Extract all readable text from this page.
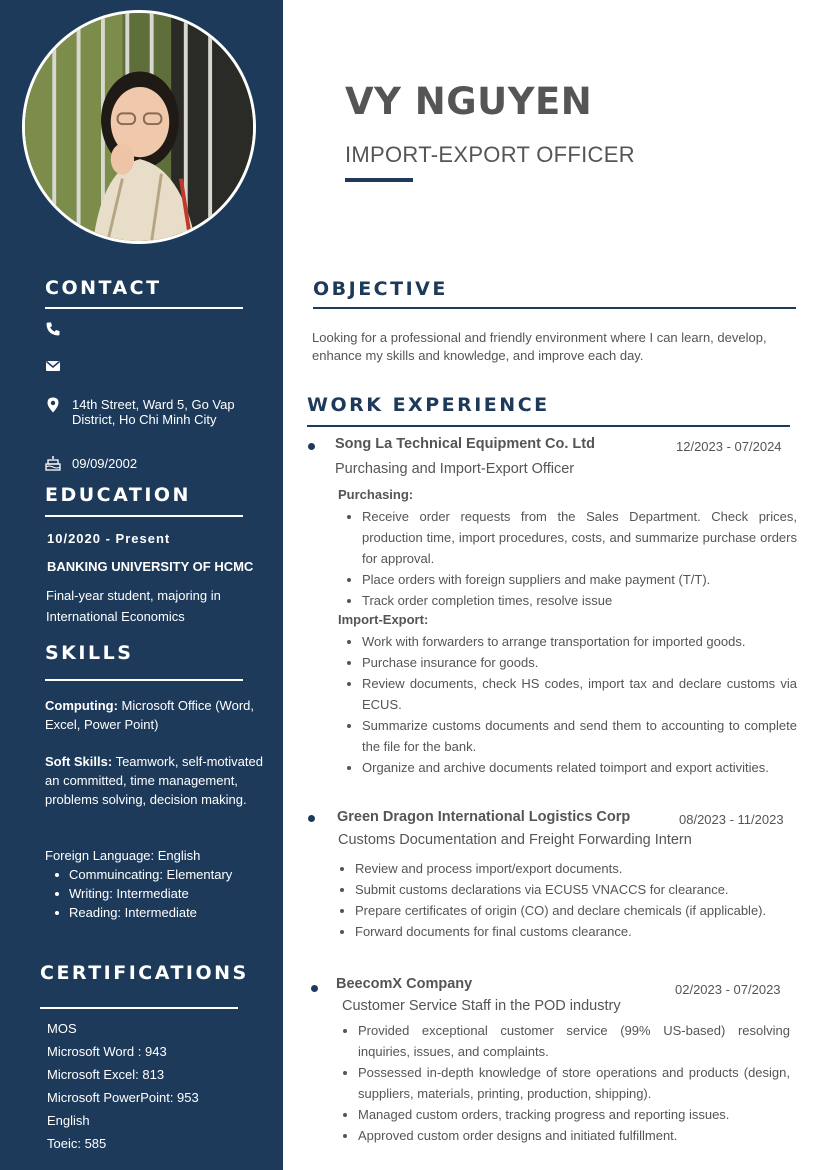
CONTACT
14th Street, Ward 5, Go Vap District, Ho Chi Minh City
09/09/2002
EDUCATION
10/2020 - Present
BANKING UNIVERSITY OF HCMC
Final-year student, majoring in International Economics
SKILLS
Computing: Microsoft Office (Word, Excel, Power Point)
Soft Skills: Teamwork, self-motivated an committed, time management, problems solving, decision making.
Foreign Language: English
Commuincating: Elementary
Writing: Intermediate
Reading: Intermediate
CERTIFICATIONS
MOS
Microsoft Word : 943
Microsoft Excel: 813
Microsoft PowerPoint: 953
English
Toeic: 585
VY NGUYEN
IMPORT-EXPORT OFFICER
OBJECTIVE
Looking for a professional and friendly environment where I can learn, develop, enhance my skills and knowledge, and improve each day.
WORK EXPERIENCE
Song La Technical Equipment Co. Ltd	12/2023 - 07/2024
Purchasing and Import-Export Officer
Purchasing:
Receive order requests from the Sales Department. Check prices, production time, import procedures, costs, and summarize purchase orders for approval.
Place orders with foreign suppliers and make payment (T/T).
Track order completion times, resolve issue
Import-Export:
Work with forwarders to arrange transportation for imported goods.
Purchase insurance for goods.
Review documents, check HS codes, import tax and declare customs via ECUS.
Summarize customs documents and send them to accounting to complete the file for the bank.
Organize and archive documents related toimport and export activities.
Green Dragon International Logistics Corp	08/2023 - 11/2023
Customs Documentation and Freight Forwarding Intern
Review and process import/export documents.
Submit customs declarations via ECUS5 VNACCS for clearance.
Prepare certificates of origin (CO) and declare chemicals (if applicable).
Forward documents for final customs clearance.
BeecomX Company	02/2023 - 07/2023
Customer Service Staff in the POD industry
Provided exceptional customer service (99% US-based) resolving inquiries, issues, and complaints.
Possessed in-depth knowledge of store operations and products (design, suppliers, materials, printing, production, shipping).
Managed custom orders, tracking progress and reporting issues.
Approved custom order designs and initiated fulfillment.
